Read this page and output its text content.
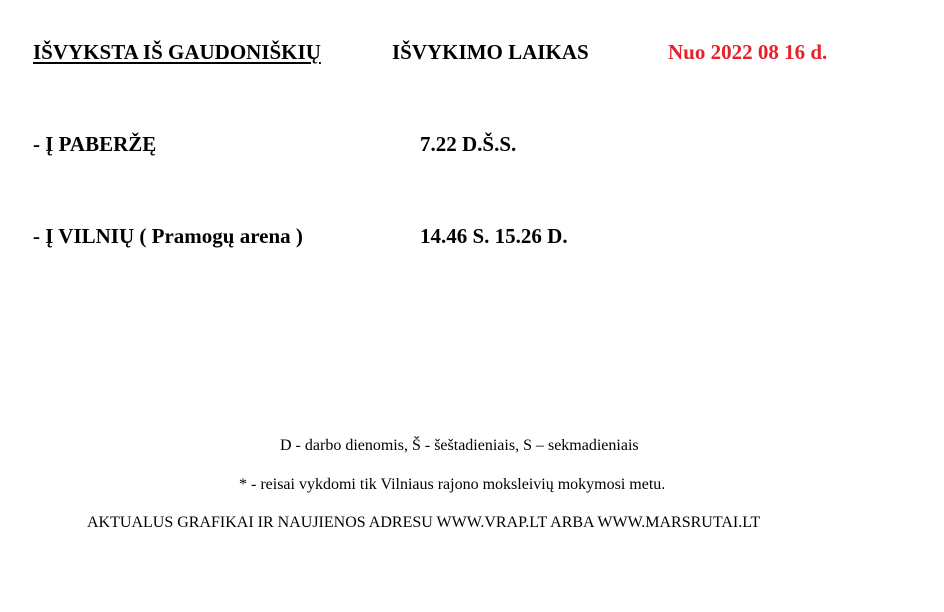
IŠVYKSTA IŠ GAUDONIŠKIŲ	IŠVYKIMO LAIKAS	Nuo 2022 08 16 d.
- Į PABERŽĘ	7.22 D.Š.S.
- Į VILNIŲ ( Pramogų arena )	14.46 S. 15.26 D.
D - darbo dienomis, Š - šeštadieniais, S – sekmadieniais
* - reisai vykdomi tik Vilniaus rajono moksleivių mokymosi metu.
AKTUALUS GRAFIKAI IR NAUJIENOS ADRESU WWW.VRAP.LT ARBA WWW.MARSRUTAI.LT
